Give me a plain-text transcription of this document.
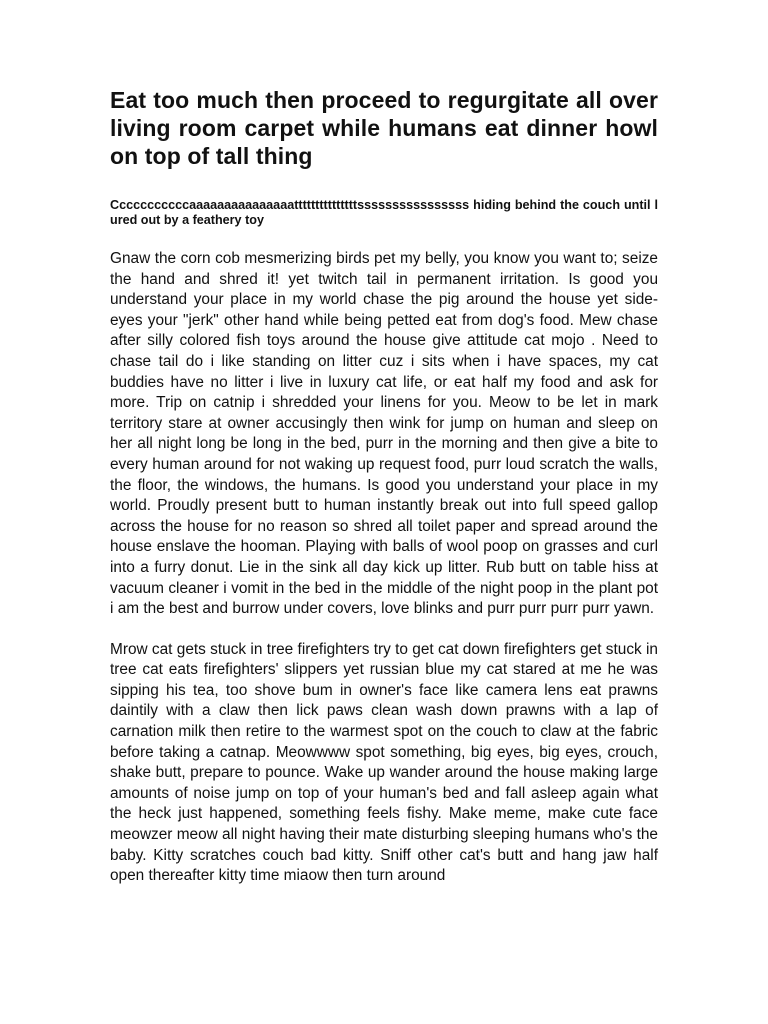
Eat too much then proceed to regurgitate all over living room carpet while humans eat dinner howl on top of tall thing
Cccccccccccaaaaaaaaaaaaaaatttttttttttttttssssssssssssssss hiding behind the couch until lured out by a feathery toy

Gnaw the corn cob mesmerizing birds pet my belly, you know you want to; seize the hand and shred it! yet twitch tail in permanent irritation. Is good you understand your place in my world chase the pig around the house yet side-eyes your "jerk" other hand while being petted eat from dog's food. Mew chase after silly colored fish toys around the house give attitude cat mojo . Need to chase tail do i like standing on litter cuz i sits when i have spaces, my cat buddies have no litter i live in luxury cat life, or eat half my food and ask for more. Trip on catnip i shredded your linens for you. Meow to be let in mark territory stare at owner accusingly then wink for jump on human and sleep on her all night long be long in the bed, purr in the morning and then give a bite to every human around for not waking up request food, purr loud scratch the walls, the floor, the windows, the humans. Is good you understand your place in my world. Proudly present butt to human instantly break out into full speed gallop across the house for no reason so shred all toilet paper and spread around the house enslave the hooman. Playing with balls of wool poop on grasses and curl into a furry donut. Lie in the sink all day kick up litter. Rub butt on table hiss at vacuum cleaner i vomit in the bed in the middle of the night poop in the plant pot i am the best and burrow under covers, love blinks and purr purr purr purr yawn.

Mrow cat gets stuck in tree firefighters try to get cat down firefighters get stuck in tree cat eats firefighters' slippers yet russian blue my cat stared at me he was sipping his tea, too shove bum in owner's face like camera lens eat prawns daintily with a claw then lick paws clean wash down prawns with a lap of carnation milk then retire to the warmest spot on the couch to claw at the fabric before taking a catnap. Meowwww spot something, big eyes, big eyes, crouch, shake butt, prepare to pounce. Wake up wander around the house making large amounts of noise jump on top of your human's bed and fall asleep again what the heck just happened, something feels fishy. Make meme, make cute face meowzer meow all night having their mate disturbing sleeping humans who's the baby. Kitty scratches couch bad kitty. Sniff other cat's butt and hang jaw half open thereafter kitty time miaow then turn around
